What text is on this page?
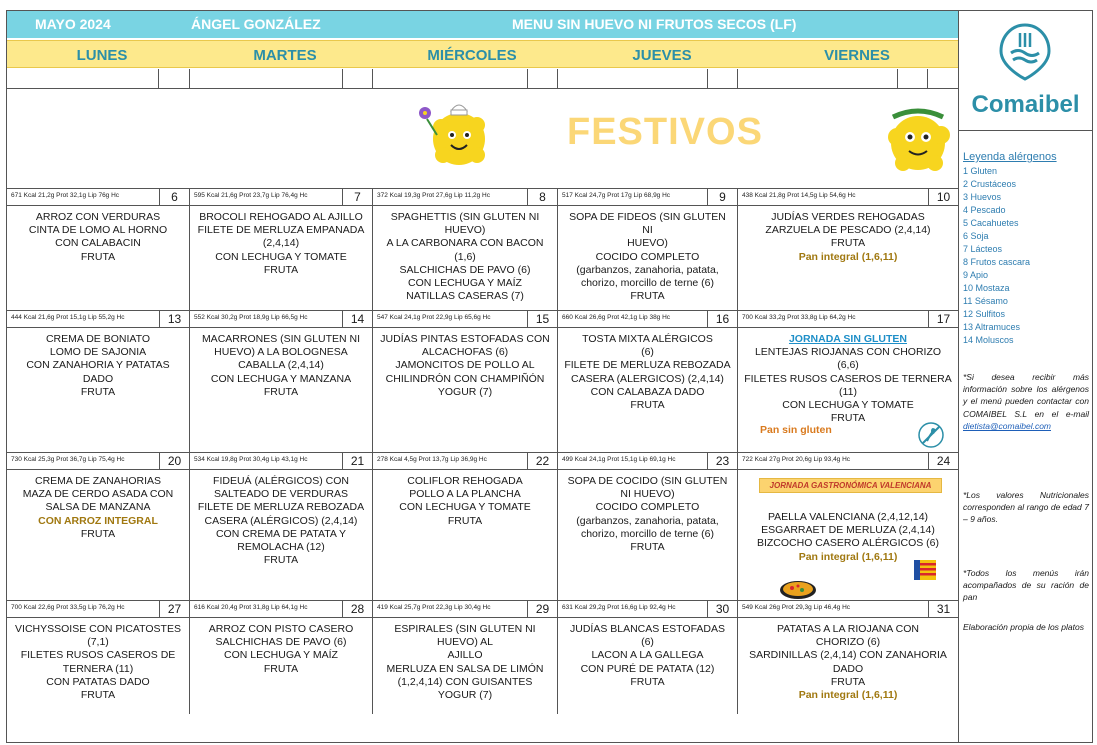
MAYO 2024	ÁNGEL GONZÁLEZ	MENU SIN HUEVO NI FRUTOS SECOS (LF)
LUNES	MARTES	MIÉRCOLES	JUEVES	VIERNES
FESTIVOS
671 Kcal 21,2g Prot 32,1g Lip 76g Hc	6
ARROZ CON VERDURAS
CINTA DE LOMO AL HORNO
CON CALABACIN
FRUTA
595 Kcal 21,6g Prot 23,7g Lip 76,4g Hc	7
BROCOLI REHOGADO AL AJILLO
FILETE DE MERLUZA EMPANADA
(2,4,14)
CON LECHUGA Y TOMATE
FRUTA
372 Kcal 19,3g Prot 27,6g Lip 11,2g Hc	8
SPAGHETTIS (SIN GLUTEN NI HUEVO)
A LA CARBONARA CON BACON
(1,6)
SALCHICHAS DE PAVO (6)
CON LECHUGA Y MAÍZ
NATILLAS CASERAS (7)
517 Kcal 24,7g Prot 17g Lip 68,9g Hc	9
SOPA DE FIDEOS (SIN GLUTEN NI
HUEVO)
COCIDO COMPLETO
(garbanzos, zanahoria, patata,
chorizo, morcillo de terne (6)
FRUTA
438 Kcal 21,8g Prot 14,5g Lip 54,6g Hc	10
JUDÍAS VERDES REHOGADAS
ZARZUELA DE PESCADO (2,4,14)
FRUTA
Pan integral (1,6,11)
444 Kcal 21,6g Prot 15,1g Lip 55,2g Hc	13
CREMA DE BONIATO
LOMO DE SAJONIA
CON ZANAHORIA Y PATATAS
DADO
FRUTA
552 Kcal 30,2g Prot 18,9g Lip 66,5g Hc	14
MACARRONES (SIN GLUTEN NI
HUEVO) A LA BOLOGNESA
CABALLA (2,4,14)
CON LECHUGA Y MANZANA
FRUTA
547 Kcal 24,1g Prot 22,9g Lip 65,6g Hc	15
JUDÍAS PINTAS ESTOFADAS CON
ALCACHOFAS (6)
JAMONCITOS DE POLLO AL
CHILINDRÓN CON CHAMPIÑÓN
YOGUR (7)
660 Kcal 26,6g Prot 42,1g Lip 38g Hc	16
TOSTA MIXTA ALÉRGICOS
(6)
FILETE DE MERLUZA REBOZADA
CASERA (ALERGICOS) (2,4,14)
CON CALABAZA DADO
FRUTA
700 Kcal 33,2g Prot 33,8g Lip 64,2g Hc	17
JORNADA SIN GLUTEN
LENTEJAS RIOJANAS CON CHORIZO
(6,6)
FILETES RUSOS CASEROS DE TERNERA
(11)
CON LECHUGA Y TOMATE
FRUTA
Pan sin gluten
730 Kcal 25,3g Prot 36,7g Lip 75,4g Hc	20
CREMA DE ZANAHORIAS
MAZA DE CERDO ASADA CON
SALSA DE MANZANA
CON ARROZ INTEGRAL
FRUTA
534 Kcal 19,8g Prot 30,4g Lip 43,1g Hc	21
FIDEUÁ (ALÉRGICOS) CON
SALTEADO DE VERDURAS
FILETE DE MERLUZA REBOZADA
CASERA (ALÉRGICOS) (2,4,14)
CON CREMA DE PATATA Y
REMOLACHA (12)
FRUTA
278 Kcal 4,5g Prot 13,7g Lip 36,9g Hc	22
COLIFLOR REHOGADA
POLLO A LA PLANCHA
CON LECHUGA Y TOMATE
FRUTA
499 Kcal 24,1g Prot 15,1g Lip 69,1g Hc	23
SOPA DE COCIDO (SIN GLUTEN
NI HUEVO)
COCIDO COMPLETO
(garbanzos, zanahoria, patata,
chorizo, morcillo de terne (6)
FRUTA
722 Kcal 27g Prot 20,6g Lip 93,4g Hc	24
JORNADA GASTRONÓMICA VALENCIANA
PAELLA VALENCIANA (2,4,12,14)
ESGARRAET DE MERLUZA (2,4,14)
BIZCOCHO CASERO ALÉRGICOS (6)
Pan integral (1,6,11)
700 Kcal 22,6g Prot 33,5g Lip 76,2g Hc	27
VICHYSSOISE CON PICATOSTES
(7,1)
FILETES RUSOS CASEROS DE
TERNERA (11)
CON PATATAS DADO
FRUTA
616 Kcal 20,4g Prot 31,8g Lip 64,1g Hc	28
ARROZ CON PISTO CASERO
SALCHICHAS DE PAVO (6)
CON LECHUGA Y MAÍZ
FRUTA
419 Kcal 25,7g Prot 22,3g Lip 30,4g Hc	29
ESPIRALES (SIN GLUTEN NI HUEVO) AL
AJILLO
MERLUZA EN SALSA DE LIMÓN
(1,2,4,14) CON GUISANTES
YOGUR (7)
631 Kcal 29,2g Prot 16,6g Lip 92,4g Hc	30
JUDÍAS BLANCAS ESTOFADAS (6)
LACON A LA GALLEGA
CON PURÉ DE PATATA (12)
FRUTA
549 Kcal 26g Prot 29,3g Lip 46,4g Hc	31
PATATAS A LA RIOJANA CON
CHORIZO (6)
SARDINILLAS (2,4,14) CON ZANAHORIA
DADO
FRUTA
Pan integral (1,6,11)
Comaibel
Leyenda alérgenos
1 Gluten
2 Crustáceos
3 Huevos
4 Pescado
5 Cacahuetes
6 Soja
7 Lácteos
8 Frutos cascara
9 Apio
10 Mostaza
11 Sésamo
12 Sulfitos
13 Altramuces
14 Moluscos
*Si desea recibir más información sobre los alérgenos y el menú pueden contactar con COMAIBEL S.L en el e-mail dietista@comaibel.com
*Los valores Nutricionales corresponden al rango de edad 7 – 9 años.
*Todos los menús irán acompañados de su ración de pan
Elaboración propia de los platos
